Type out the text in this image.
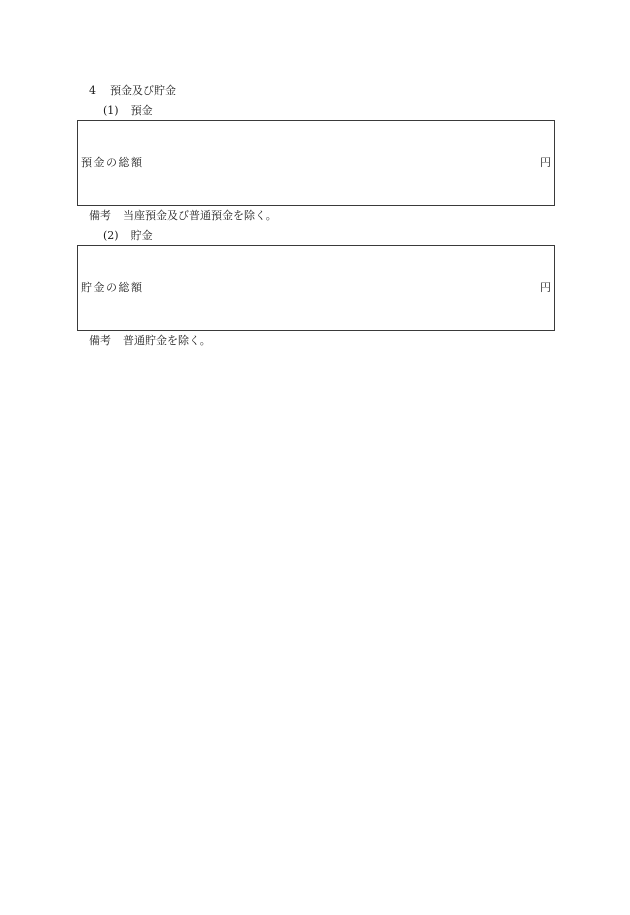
4 預金及び貯金
(1) 預金
預金の総額	円
備考 当座預金及び普通預金を除く。
(2) 貯金
貯金の総額	円
備考 普通貯金を除く。
